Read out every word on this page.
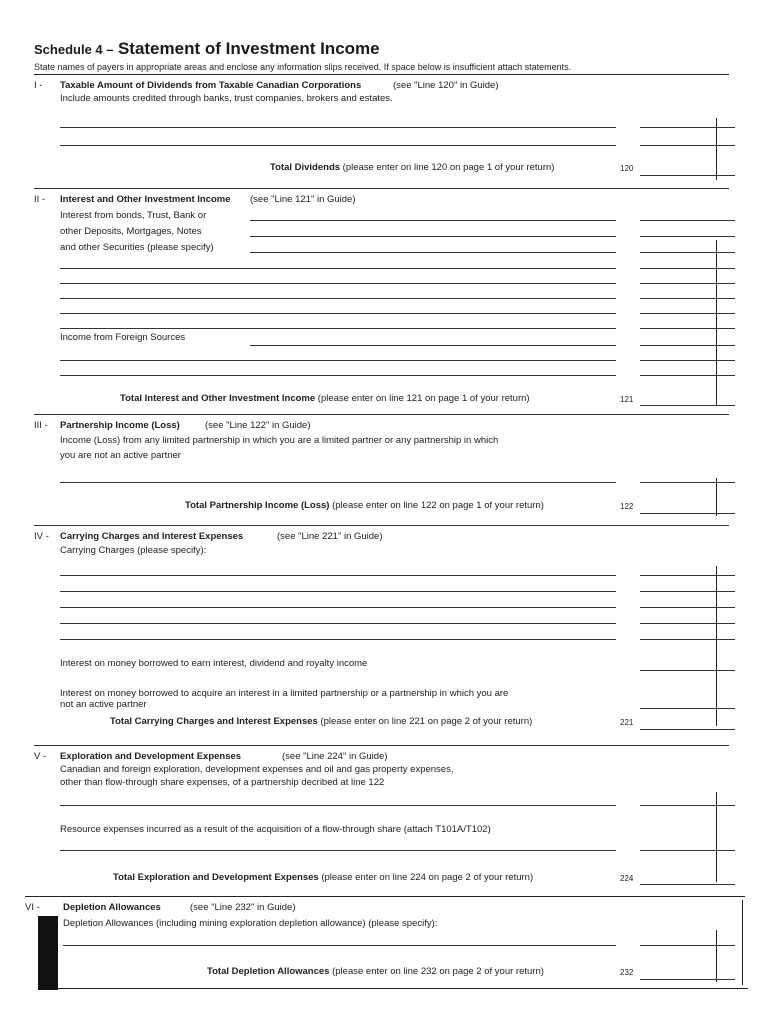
Schedule 4 – Statement of Investment Income
State names of payers in appropriate areas and enclose any information slips received. If space below is insufficient attach statements.
I - Taxable Amount of Dividends from Taxable Canadian Corporations	(see "Line 120" in Guide)
Include amounts credited through banks, trust companies, brokers and estates.
Total Dividends (please enter on line 120 on page 1 of your return)	120
II - Interest and Other Investment Income (see "Line 121" in Guide)
Interest from bonds, Trust, Bank or
other Deposits, Mortgages, Notes
and other Securities (please specify)
Income from Foreign Sources
Total Interest and Other Investment Income (please enter on line 121 on page 1 of your return)	121
III - Partnership Income (Loss)	(see "Line 122" in Guide)
Income (Loss) from any limited partnership in which you are a limited partner or any partnership in which
you are not an active partner
Total Partnership Income (Loss) (please enter on line 122 on page 1 of your return)	122
IV - Carrying Charges and Interest Expenses	(see "Line 221" in Guide)
Carrying Charges (please specify):
Interest on money borrowed to earn interest, dividend and royalty income
Interest on money borrowed to acquire an interest in a limited partnership or a partnership in which you are
not an active partner
Total Carrying Charges and Interest Expenses (please enter on line 221 on page 2 of your return)	221
V - Exploration and Development Expenses	(see "Line 224" in Guide)
Canadian and foreign exploration, development expenses and oil and gas property expenses,
other than flow-through share expenses, of a partnership decribed at line 122
Resource expenses incurred as a result of the acquisition of a flow-through share (attach T101A/T102)
Total Exploration and Development Expenses (please enter on line 224 on page 2 of your return)	224
VI - Depletion Allowances	(see "Line 232" in Guide)
Depletion Allowances (including mining exploration depletion allowance) (please specify):
Total Depletion Allowances (please enter on line 232 on page 2 of your return)	232
